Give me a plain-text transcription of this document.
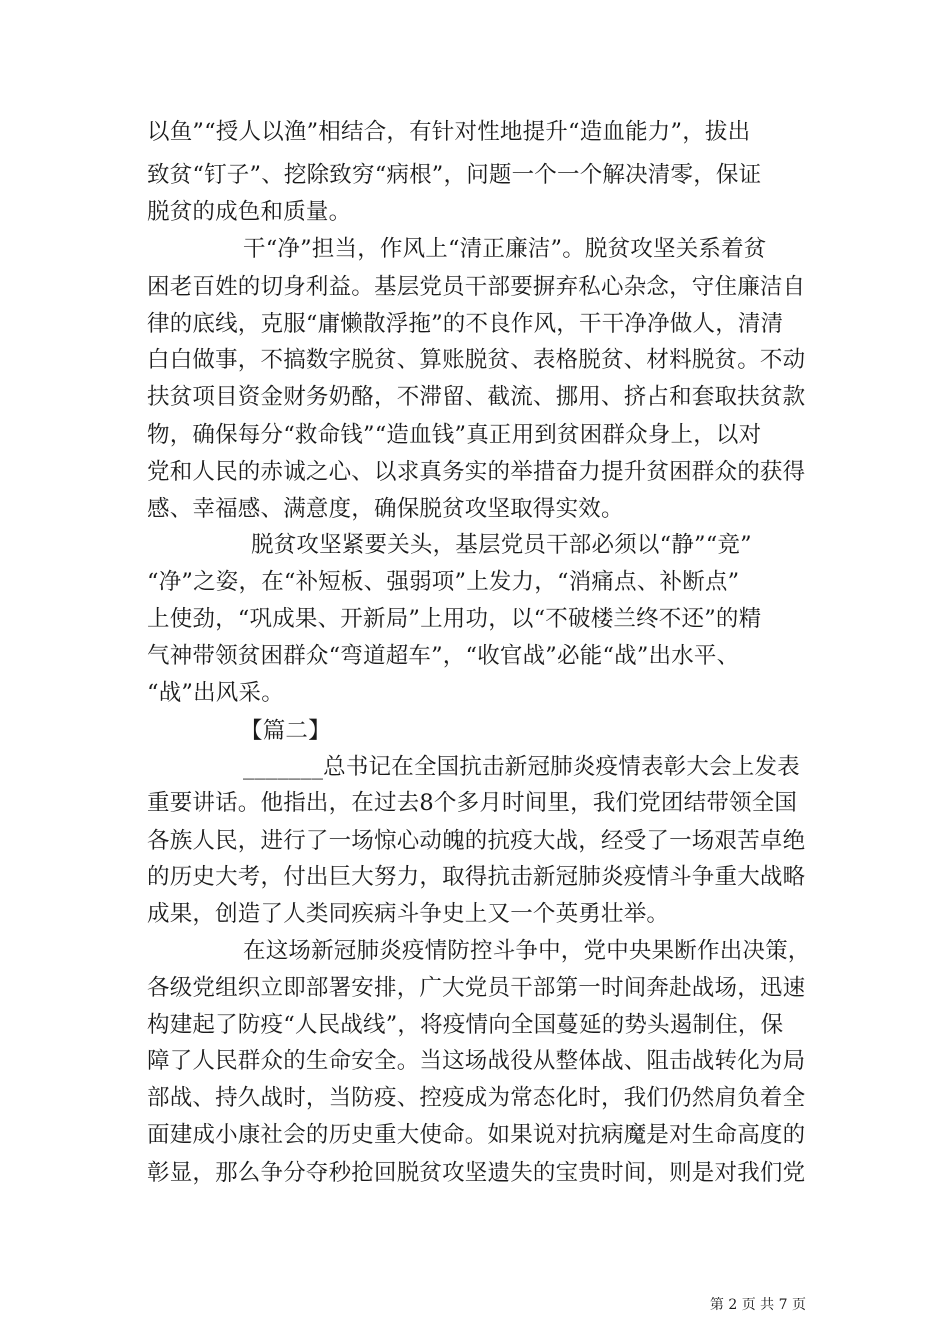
以鱼”“授人以渔”相结合，有针对性地提升“造血能力”，拔出
致贫“钉子”、挖除致穷“病根”，问题一个一个解决清零，保证
脱贫的成色和质量。
干“净”担当，作风上“清正廉洁”。脱贫攻坚关系着贫
困老百姓的切身利益。基层党员干部要摒弃私心杂念，守住廉洁自
律的底线，克服“庸懒散浮拖”的不良作风，干干净净做人，清清
白白做事，不搞数字脱贫、算账脱贫、表格脱贫、材料脱贫。不动
扶贫项目资金财务奶酪，不滞留、截流、挪用、挤占和套取扶贫款
物，确保每分“救命钱”“造血钱”真正用到贫困群众身上，以对
党和人民的赤诚之心、以求真务实的举措奋力提升贫困群众的获得
感、幸福感、满意度，确保脱贫攻坚取得实效。
脱贫攻坚紧要关头，基层党员干部必须以“静”“竞”
“净”之姿，在“补短板、强弱项”上发力，“消痛点、补断点”
上使劲，“巩成果、开新局”上用功，以“不破楼兰终不还”的精
气神带领贫困群众“弯道超车”，“收官战”必能“战”出水平、
“战”出风采。
【篇二】
_______总书记在全国抗击新冠肺炎疫情表彰大会上发表
重要讲话。他指出，在过去8个多月时间里，我们党团结带领全国
各族人民，进行了一场惊心动魄的抗疫大战，经受了一场艰苦卓绝
的历史大考，付出巨大努力，取得抗击新冠肺炎疫情斗争重大战略
成果，创造了人类同疾病斗争史上又一个英勇壮举。
在这场新冠肺炎疫情防控斗争中，党中央果断作出决策，
各级党组织立即部署安排，广大党员干部第一时间奔赴战场，迅速
构建起了防疫“人民战线”，将疫情向全国蔓延的势头遏制住，保
障了人民群众的生命安全。当这场战役从整体战、阻击战转化为局
部战、持久战时，当防疫、控疫成为常态化时，我们仍然肩负着全
面建成小康社会的历史重大使命。如果说对抗病魔是对生命高度的
彰显，那么争分夺秒抢回脱贫攻坚遗失的宝贵时间，则是对我们党
第 2 页 共 7 页
